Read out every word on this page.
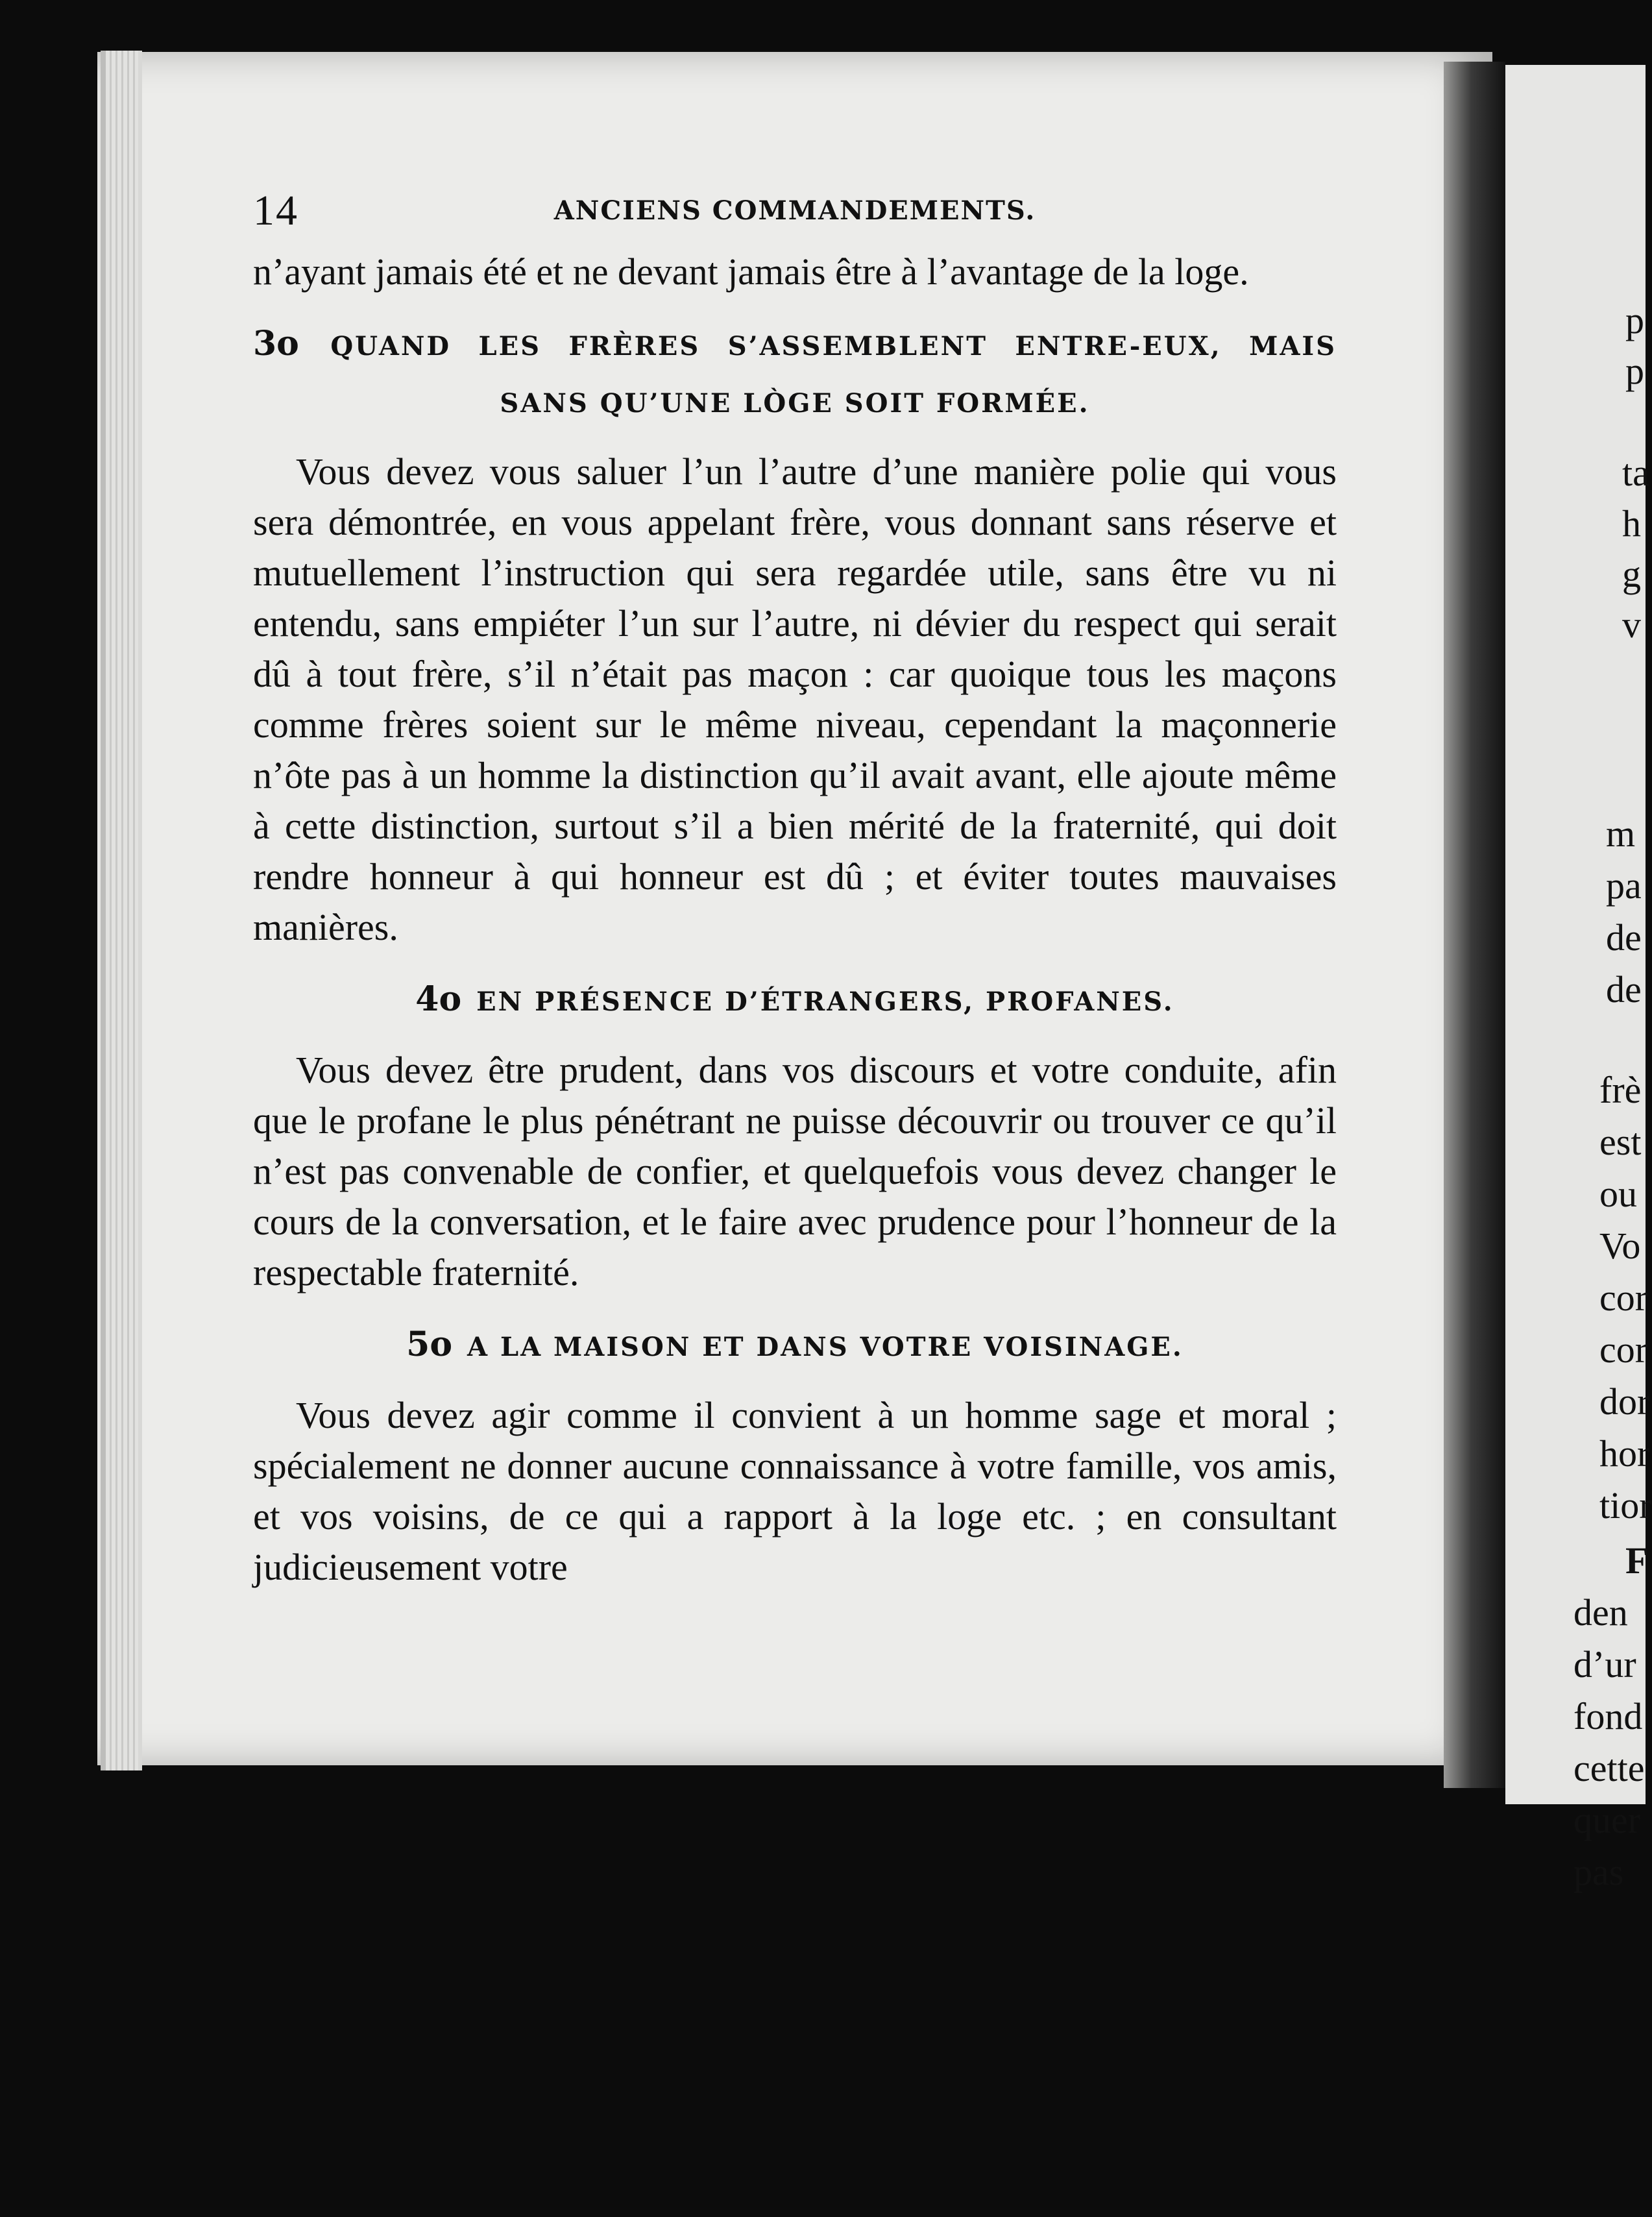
14	ANCIENS COMMANDEMENTS.

n’ayant jamais été et ne devant jamais être à l’avantage de la loge.

3o QUAND LES FRÈRES S’ASSEMBLENT ENTRE-EUX, MAIS SANS QU’UNE LÒGE SOIT FORMÉE.

Vous devez vous saluer l’un l’autre d’une manière polie qui vous sera démontrée, en vous appelant frère, vous donnant sans réserve et mutuellement l’instruction qui sera regardée utile, sans être vu ni entendu, sans empiéter l’un sur l’autre, ni dévier du respect qui serait dû à tout frère, s’il n’était pas maçon : car quoique tous les maçons comme frères soient sur le même niveau, cependant la maçonnerie n’ôte pas à un homme la distinction qu’il avait avant, elle ajoute même à cette distinction, surtout s’il a bien mérité de la fraternité, qui doit rendre honneur à qui honneur est dû ; et éviter toutes mauvaises manières.

4o EN PRÉSENCE D’ÉTRANGERS, PROFANES.

Vous devez être prudent, dans vos discours et votre conduite, afin que le profane le plus pénétrant ne puisse découvrir ou trouver ce qu’il n’est pas convenable de confier, et quelquefois vous devez changer le cours de la conversation, et le faire avec prudence pour l’honneur de la respectable fraternité.

5o A LA MAISON ET DANS VOTRE VOISINAGE.

Vous devez agir comme il convient à un homme sage et moral ; spécialement ne donner aucune connaissance à votre famille, vos amis, et vos voisins, de ce qui a rapport à la loge etc. ; en consultant judicieusement votre

p
p
ta
h
g
v
m
pa
de
de
frè
est
ou
Vo
cor
cor
dor
hor
tior
F
den
d’ur
fond
cette
quer
pas
